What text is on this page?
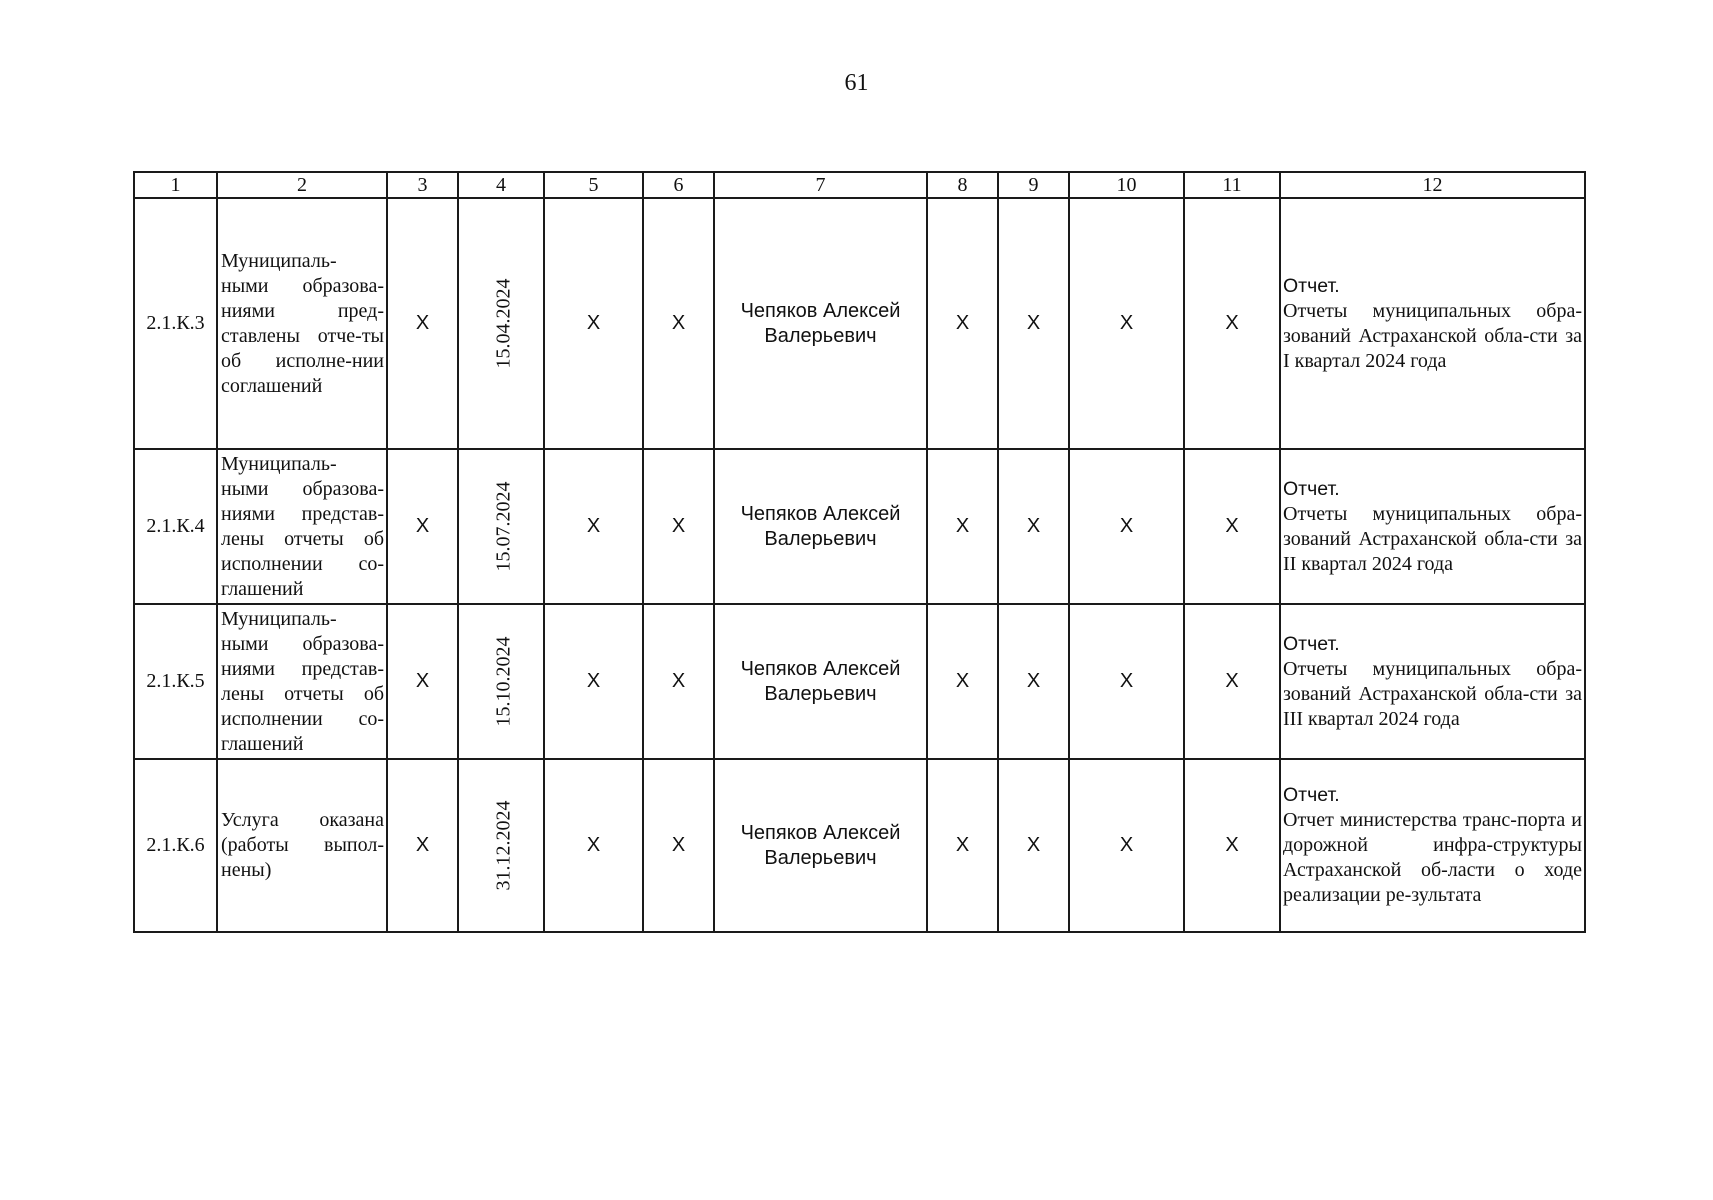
61
1	2	3	4	5	6	7	8	9	10	11	12
2.1.К.3	Муниципаль-ными образова-ниями пред-ставлены отче-ты об исполне-нии соглашений	X	15.04.2024	X	X	Чепяков Алексей Валерьевич	X	X	X	X	Отчет.
Отчеты муниципальных обра-зований Астраханской обла-сти за I квартал 2024 года

2.1.К.4	Муниципаль-ными образова-ниями представ-лены отчеты об исполнении со-глашений	X	15.07.2024	X	X	Чепяков Алексей Валерьевич	X	X	X	X	Отчет.
Отчеты муниципальных обра-зований Астраханской обла-сти за II квартал 2024 года

2.1.К.5	Муниципаль-ными образова-ниями представ-лены отчеты об исполнении со-глашений	X	15.10.2024	X	X	Чепяков Алексей Валерьевич	X	X	X	X	Отчет.
Отчеты муниципальных обра-зований Астраханской обла-сти за III квартал 2024 года

2.1.К.6	Услуга оказана (работы выпол-нены)	X	31.12.2024	X	X	Чепяков Алексей Валерьевич	X	X	X	X	Отчет.
Отчет министерства транс-порта и дорожной инфра-структуры Астраханской об-ласти о ходе реализации ре-зультата
